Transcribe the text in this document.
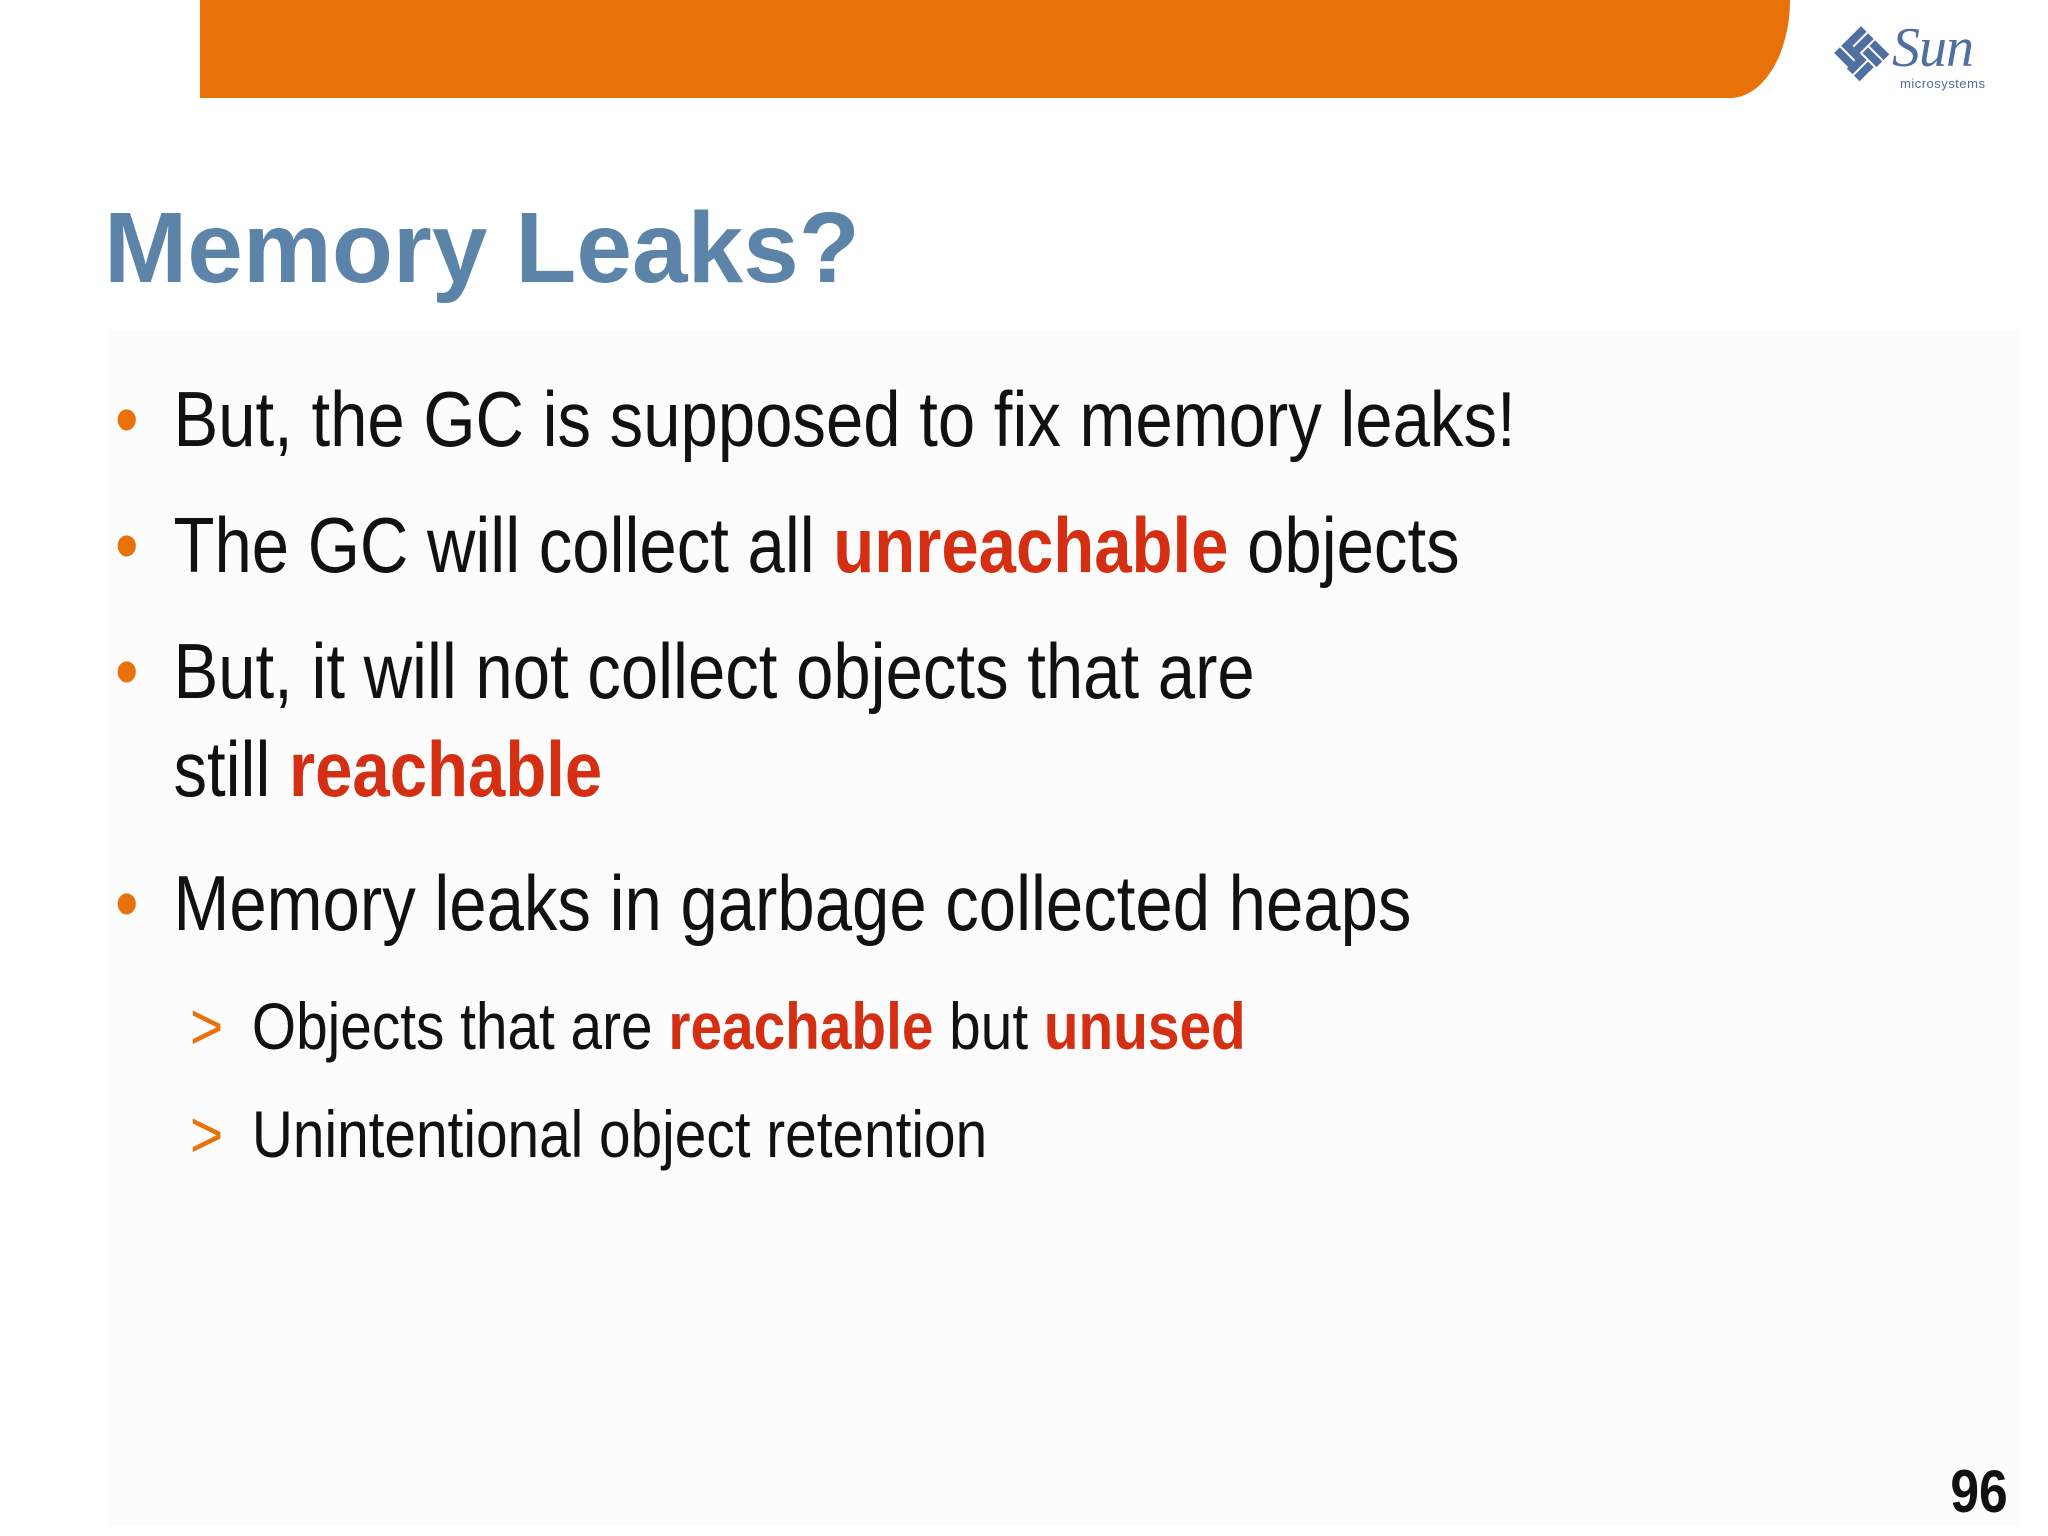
Sun
microsystems
Memory Leaks?
• But, the GC is supposed to fix memory leaks!
• The GC will collect all unreachable objects
• But, it will not collect objects that are
still reachable
• Memory leaks in garbage collected heaps
> Objects that are reachable but unused
> Unintentional object retention
96
